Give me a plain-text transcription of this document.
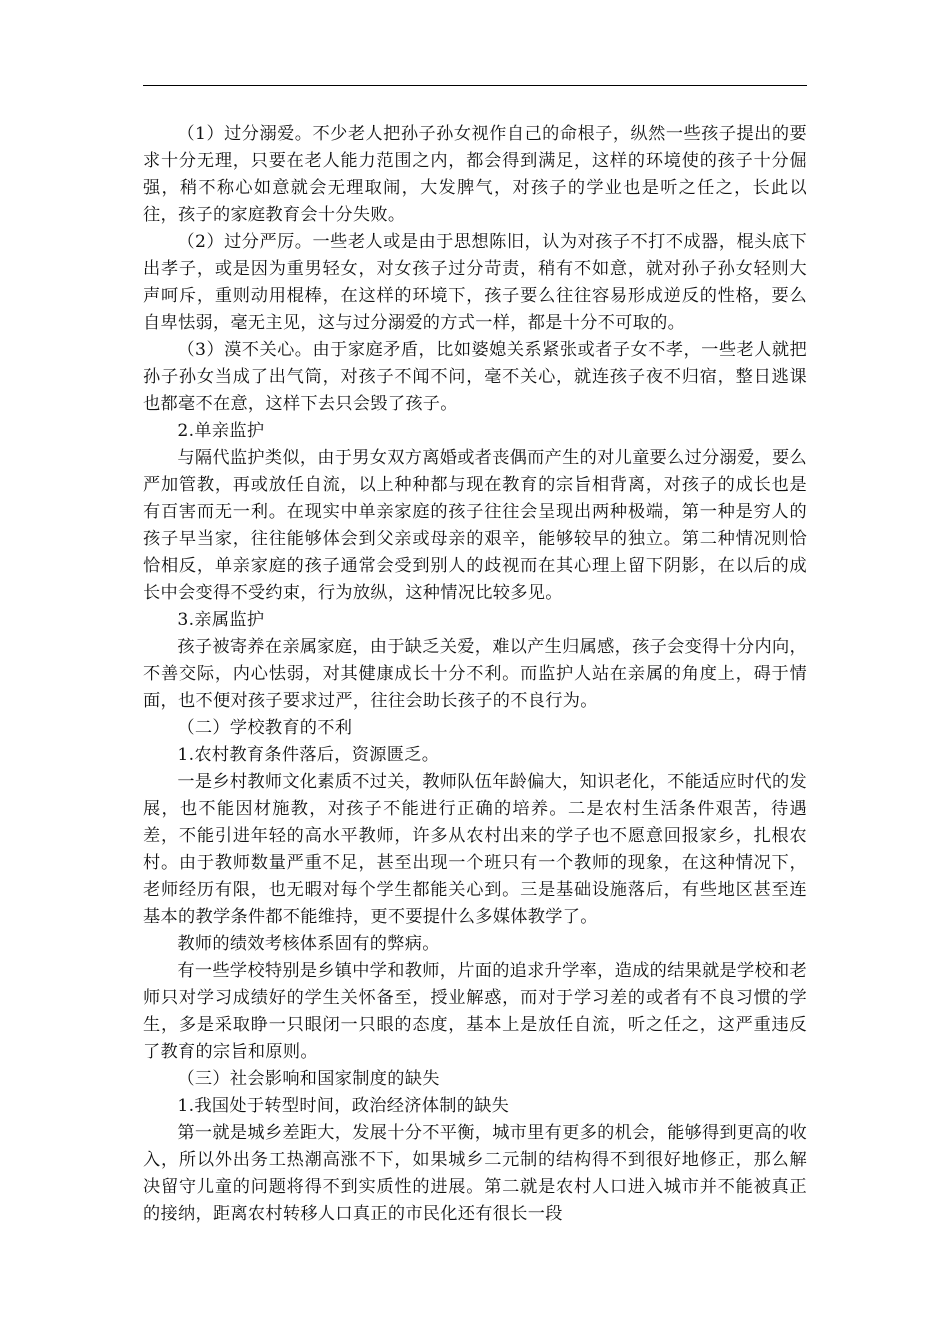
（1）过分溺爱。不少老人把孙子孙女视作自己的命根子，纵然一些孩子提出的要求十分无理，只要在老人能力范围之内，都会得到满足，这样的环境使的孩子十分倔强，稍不称心如意就会无理取闹，大发脾气，对孩子的学业也是听之任之，长此以往，孩子的家庭教育会十分失败。

（2）过分严厉。一些老人或是由于思想陈旧，认为对孩子不打不成器，棍头底下出孝子，或是因为重男轻女，对女孩子过分苛责，稍有不如意，就对孙子孙女轻则大声呵斥，重则动用棍棒，在这样的环境下，孩子要么往往容易形成逆反的性格，要么自卑怯弱，毫无主见，这与过分溺爱的方式一样，都是十分不可取的。

（3）漠不关心。由于家庭矛盾，比如婆媳关系紧张或者子女不孝，一些老人就把孙子孙女当成了出气筒，对孩子不闻不问，毫不关心，就连孩子夜不归宿，整日逃课也都毫不在意，这样下去只会毁了孩子。

2.单亲监护

与隔代监护类似，由于男女双方离婚或者丧偶而产生的对儿童要么过分溺爱，要么严加管教，再或放任自流，以上种种都与现在教育的宗旨相背离，对孩子的成长也是有百害而无一利。在现实中单亲家庭的孩子往往会呈现出两种极端，第一种是穷人的孩子早当家，往往能够体会到父亲或母亲的艰辛，能够较早的独立。第二种情况则恰恰相反，单亲家庭的孩子通常会受到别人的歧视而在其心理上留下阴影，在以后的成长中会变得不受约束，行为放纵，这种情况比较多见。

3.亲属监护

孩子被寄养在亲属家庭，由于缺乏关爱，难以产生归属感，孩子会变得十分内向，不善交际，内心怯弱，对其健康成长十分不利。而监护人站在亲属的角度上，碍于情面，也不便对孩子要求过严，往往会助长孩子的不良行为。

（二）学校教育的不利

1.农村教育条件落后，资源匮乏。

一是乡村教师文化素质不过关，教师队伍年龄偏大，知识老化，不能适应时代的发展，也不能因材施教，对孩子不能进行正确的培养。二是农村生活条件艰苦，待遇差，不能引进年轻的高水平教师，许多从农村出来的学子也不愿意回报家乡，扎根农村。由于教师数量严重不足，甚至出现一个班只有一个教师的现象，在这种情况下，老师经历有限，也无暇对每个学生都能关心到。三是基础设施落后，有些地区甚至连基本的教学条件都不能维持，更不要提什么多媒体教学了。

教师的绩效考核体系固有的弊病。

有一些学校特别是乡镇中学和教师，片面的追求升学率，造成的结果就是学校和老师只对学习成绩好的学生关怀备至，授业解惑，而对于学习差的或者有不良习惯的学生，多是采取睁一只眼闭一只眼的态度，基本上是放任自流，听之任之，这严重违反了教育的宗旨和原则。

（三）社会影响和国家制度的缺失

1.我国处于转型时间，政治经济体制的缺失

第一就是城乡差距大，发展十分不平衡，城市里有更多的机会，能够得到更高的收入，所以外出务工热潮高涨不下，如果城乡二元制的结构得不到很好地修正，那么解决留守儿童的问题将得不到实质性的进展。第二就是农村人口进入城市并不能被真正的接纳，距离农村转移人口真正的市民化还有很长一段
